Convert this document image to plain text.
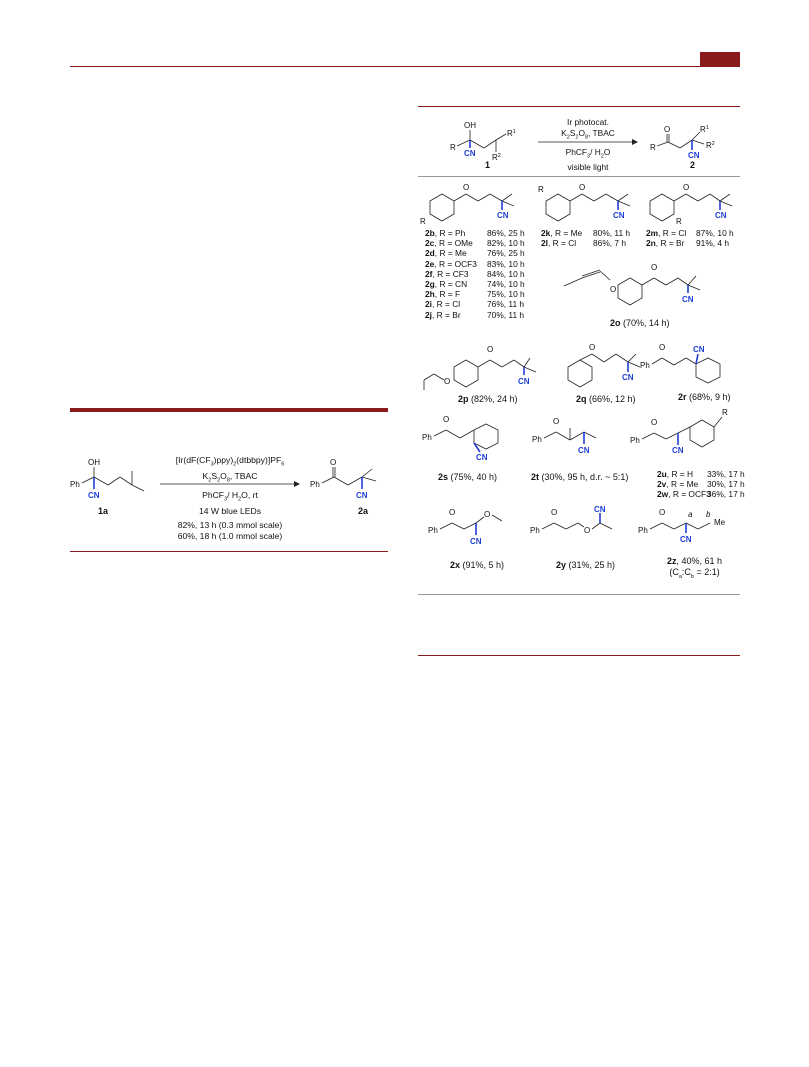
OH
Ph
CN
1a
$[Ir(dF(CF_3)ppy)_2(dtbbpy)]PF_6$
$K_2S_2O_8$, TBAC
PhCF$_3$/ $H_2O$, rt
14 W blue LEDs
82%, 13 h (0.3 mmol scale)
60%, 18 h (1.0 mmol scale)
O
Ph
CN
2a
OH
R
CN
$R^1$
$R^2$
1
Ir photocat.
$K_2S_2O_8$, TBAC
PhCF$_3$/ $H_2O$
visible light
O
R
$R^1$
$R^2$
CN
2
O
CN
R
2b, R = Ph	86%, 25 h
2c, R = OMe 82%, 10 h
2d, R = Me 76%, 25 h
2e, R = OCF3 83%, 10 h
2f, R = CF3 84%, 10 h
2g, R = CN 74%, 10 h
2h, R = F	75%, 10 h
2i, R = Cl	76%, 11 h
2j, R = Br	70%, 11 h
R	O
CN
2k, R = Me 80%, 11 h
2l, R = Cl 86%, 7 h
R
O
CN
2m, R = Cl 87%, 10 h
2n, R = Br 91%, 4 h
O
O
CN
2o (70%, 14 h)
O
O
CN
2p (82%, 24 h)
O
CN
2q (66%, 12 h)
Ph
O	CN
2r (68%, 9 h)
Ph
O
CN
2s (75%, 40 h)
Ph
O
CN
2t (30%, 95 h, d.r. ~ 5:1)
Ph
O
CN
R
2u, R = H 33%, 17 h
2v, R = Me 30%, 17 h
2w, R = OCF3
36%, 17 h
Ph
O
CN
O
2x (91%, 5 h)
Ph
O
O
CN
2y (31%, 25 h)
Ph
O
CN
a b
Me
2z, 40%, 61 h
($C_a:C_b$ = 2:1)
